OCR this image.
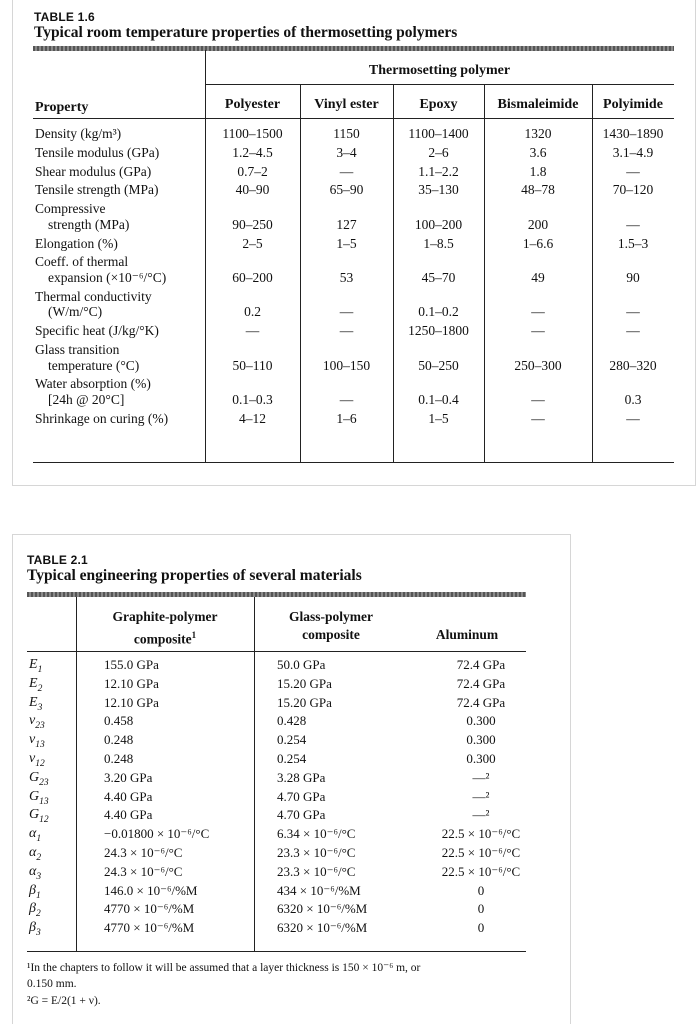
TABLE 1.6
Typical room temperature properties of thermosetting polymers
Thermosetting polymer
Property	Polyester	Vinyl ester	Epoxy	Bismaleimide	Polyimide
Density (kg/m³)	1100–1500	1150	1100–1400	1320	1430–1890
Tensile modulus (GPa)	1.2–4.5	3–4	2–6	3.6	3.1–4.9
Shear modulus (GPa)	0.7–2	—	1.1–2.2	1.8	—
Tensile strength (MPa)	40–90	65–90	35–130	48–78	70–120
Compressive
strength (MPa)	90–250	127	100–200	200	—
Elongation (%)	2–5	1–5	1–8.5	1–6.6	1.5–3
Coeff. of thermal
expansion (×10⁻⁶/°C)	60–200	53	45–70	49	90
Thermal conductivity
(W/m/°C)	0.2	—	0.1–0.2	—	—
Specific heat (J/kg/°K)	—	—	1250–1800	—	—
Glass transition
temperature (°C)	50–110	100–150	50–250	250–300	280–320
Water absorption (%)
[24h @ 20°C]	0.1–0.3	—	0.1–0.4	—	0.3
Shrinkage on curing (%)	4–12	1–6	1–5	—	—
TABLE 2.1
Typical engineering properties of several materials
Graphite-polymer
composite$^1$
Glass-polymer
composite	Aluminum
$E_1$	155.0 GPa	50.0 GPa	72.4 GPa
$E_2$	12.10 GPa	15.20 GPa	72.4 GPa
$E_3$	12.10 GPa	15.20 GPa	72.4 GPa
$\nu_{23}$	0.458	0.428	0.300
$\nu_{13}$	0.248	0.254	0.300
$\nu_{12}$	0.248	0.254	0.300
$G_{23}$	3.20 GPa	3.28 GPa	—²
$G_{13}$	4.40 GPa	4.70 GPa	—²
$G_{12}$	4.40 GPa	4.70 GPa	—²
$\alpha_1$	−0.01800 × 10⁻⁶/°C	6.34 × 10⁻⁶/°C	22.5 × 10⁻⁶/°C
$\alpha_2$	24.3 × 10⁻⁶/°C	23.3 × 10⁻⁶/°C	22.5 × 10⁻⁶/°C
$\alpha_3$	24.3 × 10⁻⁶/°C	23.3 × 10⁻⁶/°C	22.5 × 10⁻⁶/°C
$\beta_1$	146.0 × 10⁻⁶/%M	434 × 10⁻⁶/%M	0
$\beta_2$	4770 × 10⁻⁶/%M	6320 × 10⁻⁶/%M	0
$\beta_3$	4770 × 10⁻⁶/%M	6320 × 10⁻⁶/%M	0
¹In the chapters to follow it will be assumed that a layer thickness is 150 × 10⁻⁶ m, or
0.150 mm.
²G = E/2(1 + ν).
